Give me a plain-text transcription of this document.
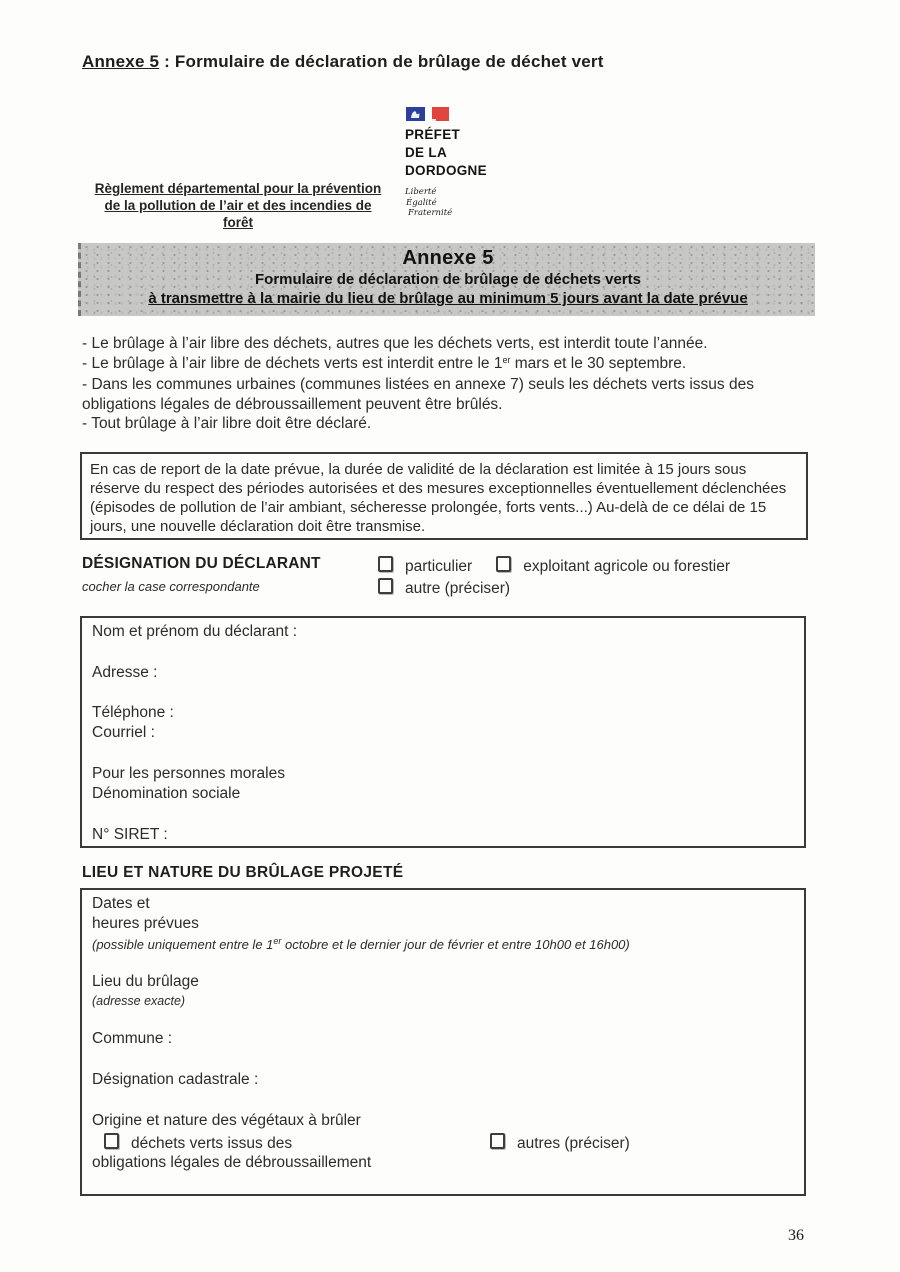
Annexe 5 : Formulaire de déclaration de brûlage de déchet vert
PRÉFET
DE LA
DORDOGNE
Liberté
Égalité
Fraternité
Règlement départemental pour la prévention
de la pollution de l’air et des incendies de
forêt
Annexe 5
Formulaire de déclaration de brûlage de déchets verts
à transmettre à la mairie du lieu de brûlage au minimum 5 jours avant la date prévue
- Le brûlage à l’air libre des déchets, autres que les déchets verts, est interdit toute l’année.
- Le brûlage à l’air libre de déchets verts est interdit entre le 1er mars et le 30 septembre.
- Dans les communes urbaines (communes listées en annexe 7) seuls les déchets verts issus des obligations légales de débroussaillement peuvent être brûlés.
- Tout brûlage à l’air libre doit être déclaré.
En cas de report de la date prévue, la durée de validité de la déclaration est limitée à 15 jours sous réserve du respect des périodes autorisées et des mesures exceptionnelles éventuellement déclenchées (épisodes de pollution de l’air ambiant, sécheresse prolongée, forts vents...) Au-delà de ce délai de 15 jours, une nouvelle déclaration doit être transmise.
DÉSIGNATION DU DÉCLARANT
cocher la case correspondante
particulier	exploitant agricole ou forestier
autre (préciser)
Nom et prénom du déclarant :
Adresse :
Téléphone :
Courriel :
Pour les personnes morales
Dénomination sociale
N° SIRET :
LIEU ET NATURE DU BRÛLAGE PROJETÉ
Dates et
heures prévues
(possible uniquement entre le 1er octobre et le dernier jour de février et entre 10h00 et 16h00)
Lieu du brûlage
(adresse exacte)
Commune :
Désignation cadastrale :
Origine et nature des végétaux à brûler
déchets verts issus des	autres (préciser)
obligations légales de débroussaillement
36
